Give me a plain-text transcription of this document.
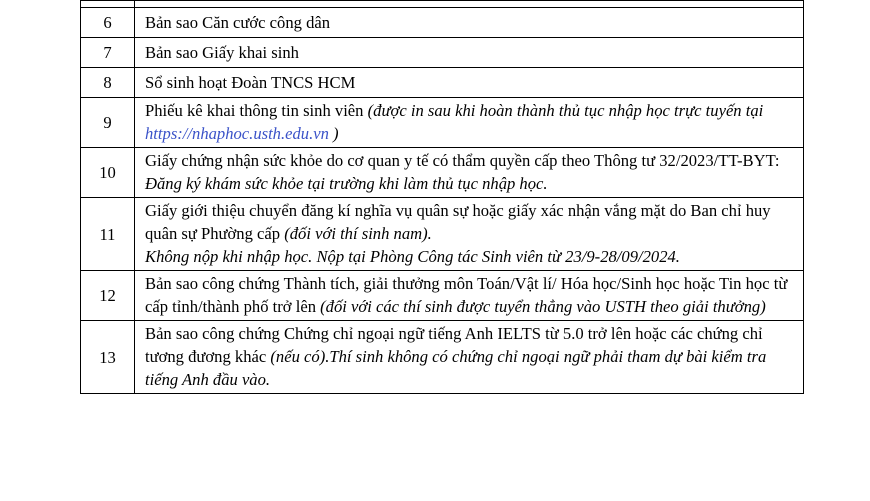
6	Bản sao Căn cước công dân
7	Bản sao Giấy khai sinh
8	Sổ sinh hoạt Đoàn TNCS HCM
9	Phiếu kê khai thông tin sinh viên (được in sau khi hoàn thành thủ tục nhập học trực tuyến tại https://nhaphoc.usth.edu.vn )
10	Giấy chứng nhận sức khỏe do cơ quan y tế có thẩm quyền cấp theo Thông tư 32/2023/TT-BYT: Đăng ký khám sức khỏe tại trường khi làm thủ tục nhập học.
11	Giấy giới thiệu chuyển đăng kí nghĩa vụ quân sự hoặc giấy xác nhận vắng mặt do Ban chỉ huy quân sự Phường cấp (đối với thí sinh nam).
Không nộp khi nhập học. Nộp tại Phòng Công tác Sinh viên từ 23/9-28/09/2024.
12	Bản sao công chứng Thành tích, giải thưởng môn Toán/Vật lí/ Hóa học/Sinh học hoặc Tin học từ cấp tỉnh/thành phố trở lên (đối với các thí sinh được tuyển thẳng vào USTH theo giải thưởng)
13	Bản sao công chứng Chứng chỉ ngoại ngữ tiếng Anh IELTS từ 5.0 trở lên hoặc các chứng chỉ tương đương khác (nếu có).Thí sinh không có chứng chỉ ngoại ngữ phải tham dự bài kiểm tra tiếng Anh đầu vào.
